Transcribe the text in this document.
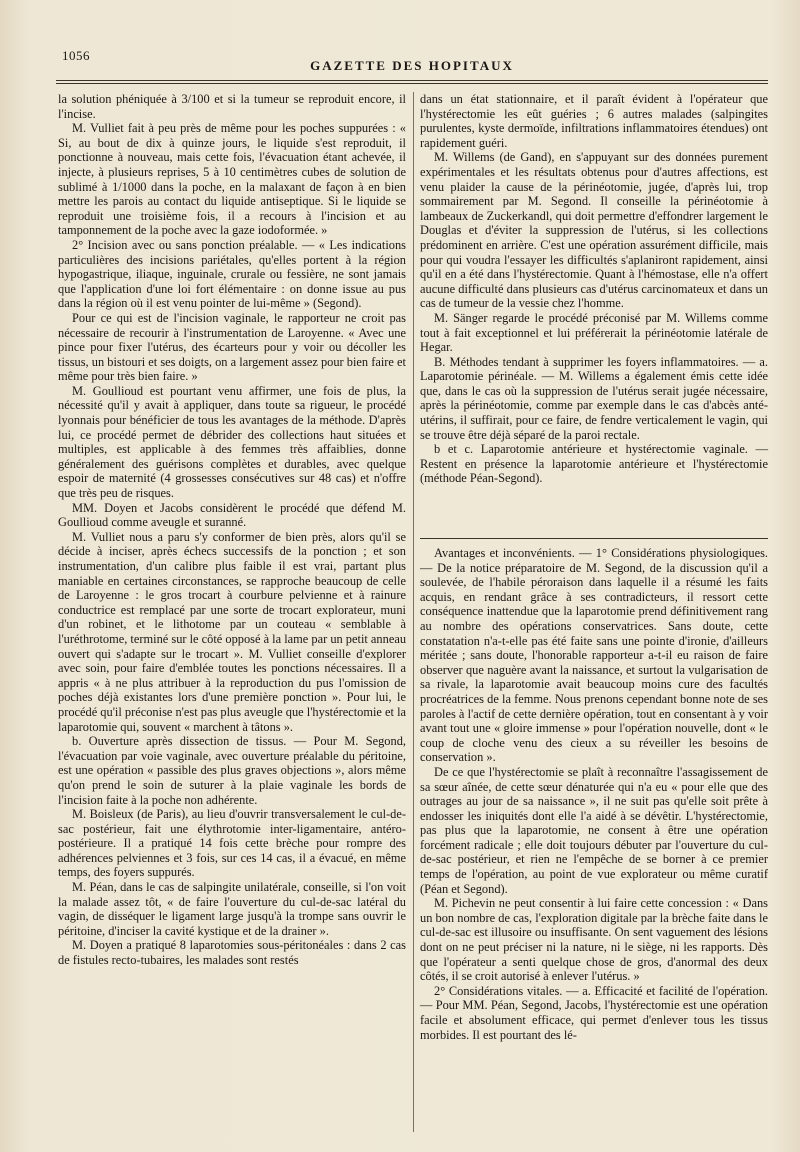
1056
GAZETTE DES HOPITAUX

la solution phéniquée à 3/100 et si la tumeur se reproduit encore, il l'incise.

M. Vulliet fait à peu près de même pour les poches suppurées : « Si, au bout de dix à quinze jours, le liquide s'est reproduit, il ponctionne à nouveau, mais cette fois, l'évacuation étant achevée, il injecte, à plusieurs reprises, 5 à 10 centimètres cubes de solution de sublimé à 1/1000 dans la poche, en la malaxant de façon à en bien mettre les parois au contact du liquide antiseptique. Si le liquide se reproduit une troisième fois, il a recours à l'incision et au tamponnement de la poche avec la gaze iodoformée. »

2° Incision avec ou sans ponction préalable. — « Les indications particulières des incisions pariétales, qu'elles portent à la région hypogastrique, iliaque, inguinale, crurale ou fessière, ne sont jamais que l'application d'une loi fort élémentaire : on donne issue au pus dans la région où il est venu pointer de lui-même » (Segond).

Pour ce qui est de l'incision vaginale, le rapporteur ne croit pas nécessaire de recourir à l'instrumentation de Laroyenne. « Avec une pince pour fixer l'utérus, des écarteurs pour y voir ou décoller les tissus, un bistouri et ses doigts, on a largement assez pour bien faire et même pour très bien faire. »

M. Goullioud est pourtant venu affirmer, une fois de plus, la nécessité qu'il y avait à appliquer, dans toute sa rigueur, le procédé lyonnais pour bénéficier de tous les avantages de la méthode. D'après lui, ce procédé permet de débrider des collections haut situées et multiples, est applicable à des femmes très affaiblies, donne généralement des guérisons complètes et durables, avec quelque espoir de maternité (4 grossesses consécutives sur 48 cas) et n'offre que très peu de risques.

MM. Doyen et Jacobs considèrent le procédé que défend M. Goullioud comme aveugle et suranné.

M. Vulliet nous a paru s'y conformer de bien près, alors qu'il se décide à inciser, après échecs successifs de la ponction ; et son instrumentation, d'un calibre plus faible il est vrai, partant plus maniable en certaines circonstances, se rapproche beaucoup de celle de Laroyenne : le gros trocart à courbure pelvienne et à rainure conductrice est remplacé par une sorte de trocart explorateur, muni d'un robinet, et le lithotome par un couteau « semblable à l'uréthrotome, terminé sur le côté opposé à la lame par un petit anneau ouvert qui s'adapte sur le trocart ». M. Vulliet conseille d'explorer avec soin, pour faire d'emblée toutes les ponctions nécessaires. Il a appris « à ne plus attribuer à la reproduction du pus l'omission de poches déjà existantes lors d'une première ponction ». Pour lui, le procédé qu'il préconise n'est pas plus aveugle que l'hystérectomie et la laparotomie qui, souvent « marchent à tâtons ».

b. Ouverture après dissection de tissus. — Pour M. Segond, l'évacuation par voie vaginale, avec ouverture préalable du péritoine, est une opération « passible des plus graves objections », alors même qu'on prend le soin de suturer à la plaie vaginale les bords de l'incision faite à la poche non adhérente.

M. Boisleux (de Paris), au lieu d'ouvrir transversalement le cul-de-sac postérieur, fait une élythrotomie inter-ligamentaire, antéro-postérieure. Il a pratiqué 14 fois cette brèche pour rompre des adhérences pelviennes et 3 fois, sur ces 14 cas, il a évacué, en même temps, des foyers suppurés.

M. Péan, dans le cas de salpingite unilatérale, conseille, si l'on voit la malade assez tôt, « de faire l'ouverture du cul-de-sac latéral du vagin, de disséquer le ligament large jusqu'à la trompe sans ouvrir le péritoine, d'inciser la cavité kystique et de la drainer ».

M. Doyen a pratiqué 8 laparotomies sous-péritonéales : dans 2 cas de fistules recto-tubaires, les malades sont restés

dans un état stationnaire, et il paraît évident à l'opérateur que l'hystérectomie les eût guéries ; 6 autres malades (salpingites purulentes, kyste dermoïde, infiltrations inflammatoires étendues) ont rapidement guéri.

M. Willems (de Gand), en s'appuyant sur des données purement expérimentales et les résultats obtenus pour d'autres affections, est venu plaider la cause de la périnéotomie, jugée, d'après lui, trop sommairement par M. Segond. Il conseille la périnéotomie à lambeaux de Zuckerkandl, qui doit permettre d'effondrer largement le Douglas et d'éviter la suppression de l'utérus, si les collections prédominent en arrière. C'est une opération assurément difficile, mais pour qui voudra l'essayer les difficultés s'aplaniront rapidement, ainsi qu'il en a été dans l'hystérectomie. Quant à l'hémostase, elle n'a offert aucune difficulté dans plusieurs cas d'utérus carcinomateux et dans un cas de tumeur de la vessie chez l'homme.

M. Sänger regarde le procédé préconisé par M. Willems comme tout à fait exceptionnel et lui préférerait la périnéotomie latérale de Hegar.

B. Méthodes tendant à supprimer les foyers inflammatoires. — a. Laparotomie périnéale. — M. Willems a également émis cette idée que, dans le cas où la suppression de l'utérus serait jugée nécessaire, après la périnéotomie, comme par exemple dans le cas d'abcès anté-utérins, il suffirait, pour ce faire, de fendre verticalement le vagin, qui se trouve être déjà séparé de la paroi rectale.

b et c. Laparotomie antérieure et hystérectomie vaginale. — Restent en présence la laparotomie antérieure et l'hystérectomie (méthode Péan-Segond).

Avantages et inconvénients. — 1° Considérations physiologiques. — De la notice préparatoire de M. Segond, de la discussion qu'il a soulevée, de l'habile péroraison dans laquelle il a résumé les faits acquis, en rendant grâce à ses contradicteurs, il ressort cette conséquence inattendue que la laparotomie prend définitivement rang au nombre des opérations conservatrices. Sans doute, cette constatation n'a-t-elle pas été faite sans une pointe d'ironie, d'ailleurs méritée ; sans doute, l'honorable rapporteur a-t-il eu raison de faire observer que naguère avant la naissance, et surtout la vulgarisation de sa rivale, la laparotomie avait beaucoup moins cure des facultés procréatrices de la femme. Nous prenons cependant bonne note de ses paroles à l'actif de cette dernière opération, tout en consentant à y voir avant tout une « gloire immense » pour l'opération nouvelle, dont « le coup de cloche venu des cieux a su réveiller les besoins de conservation ».

De ce que l'hystérectomie se plaît à reconnaître l'assagissement de sa sœur aînée, de cette sœur dénaturée qui n'a eu « pour elle que des outrages au jour de sa naissance », il ne suit pas qu'elle soit prête à endosser les iniquités dont elle l'a aidé à se dévêtir. L'hystérectomie, pas plus que la laparotomie, ne consent à être une opération forcément radicale ; elle doit toujours débuter par l'ouverture du cul-de-sac postérieur, et rien ne l'empêche de se borner à ce premier temps de l'opération, au point de vue explorateur ou même curatif (Péan et Segond).

M. Pichevin ne peut consentir à lui faire cette concession : « Dans un bon nombre de cas, l'exploration digitale par la brèche faite dans le cul-de-sac est illusoire ou insuffisante. On sent vaguement des lésions dont on ne peut préciser ni la nature, ni le siège, ni les rapports. Dès que l'opérateur a senti quelque chose de gros, d'anormal des deux côtés, il se croit autorisé à enlever l'utérus. »

2° Considérations vitales. — a. Efficacité et facilité de l'opération. — Pour MM. Péan, Segond, Jacobs, l'hystérectomie est une opération facile et absolument efficace, qui permet d'enlever tous les tissus morbides. Il est pourtant des lé-
